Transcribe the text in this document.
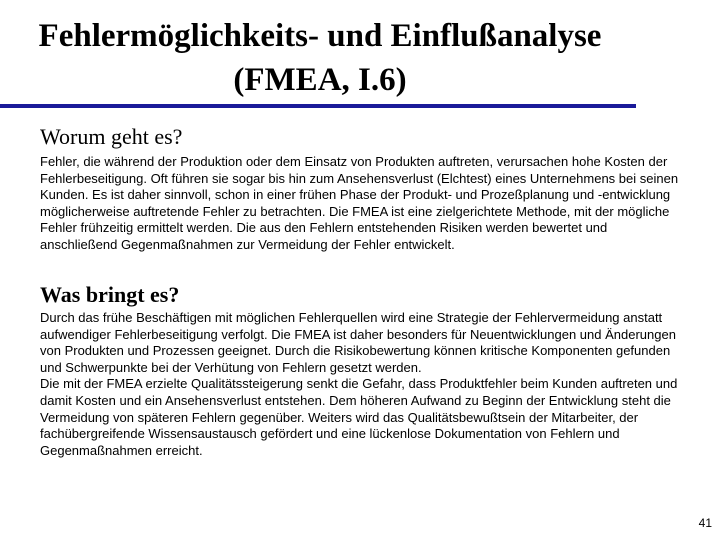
Fehlermöglichkeits- und Einflußanalyse
(FMEA, I.6)
Worum geht es?

Fehler, die während der Produktion oder dem Einsatz von Produkten auftreten, verursachen hohe Kosten der Fehlerbeseitigung. Oft führen sie sogar bis hin zum Ansehensverlust (Elchtest) eines Unternehmens bei seinen Kunden. Es ist daher sinnvoll, schon in einer frühen Phase der Produkt- und Prozeßplanung und -entwicklung möglicherweise auftretende Fehler zu betrachten. Die FMEA ist eine zielgerichtete Methode, mit der mögliche Fehler frühzeitig ermittelt werden. Die aus den Fehlern entstehenden Risiken werden bewertet und anschließend Gegenmaßnahmen zur Vermeidung der Fehler entwickelt.

Was bringt es?
Durch das frühe Beschäftigen mit möglichen Fehlerquellen wird eine Strategie der Fehlervermeidung anstatt aufwendiger Fehlerbeseitigung verfolgt. Die FMEA ist daher besonders für Neuentwicklungen und Änderungen von Produkten und Prozessen geeignet. Durch die Risikobewertung können kritische Komponenten gefunden und Schwerpunkte bei der Verhütung von Fehlern gesetzt werden.
Die mit der FMEA erzielte Qualitätssteigerung senkt die Gefahr, dass Produktfehler beim Kunden auftreten und damit Kosten und ein Ansehensverlust entstehen. Dem höheren Aufwand zu Beginn der Entwicklung steht die Vermeidung von späteren Fehlern gegenüber. Weiters wird das Qualitätsbewußtsein der Mitarbeiter, der fachübergreifende Wissensaustausch gefördert und eine lückenlose Dokumentation von Fehlern und Gegenmaßnahmen erreicht.
41
